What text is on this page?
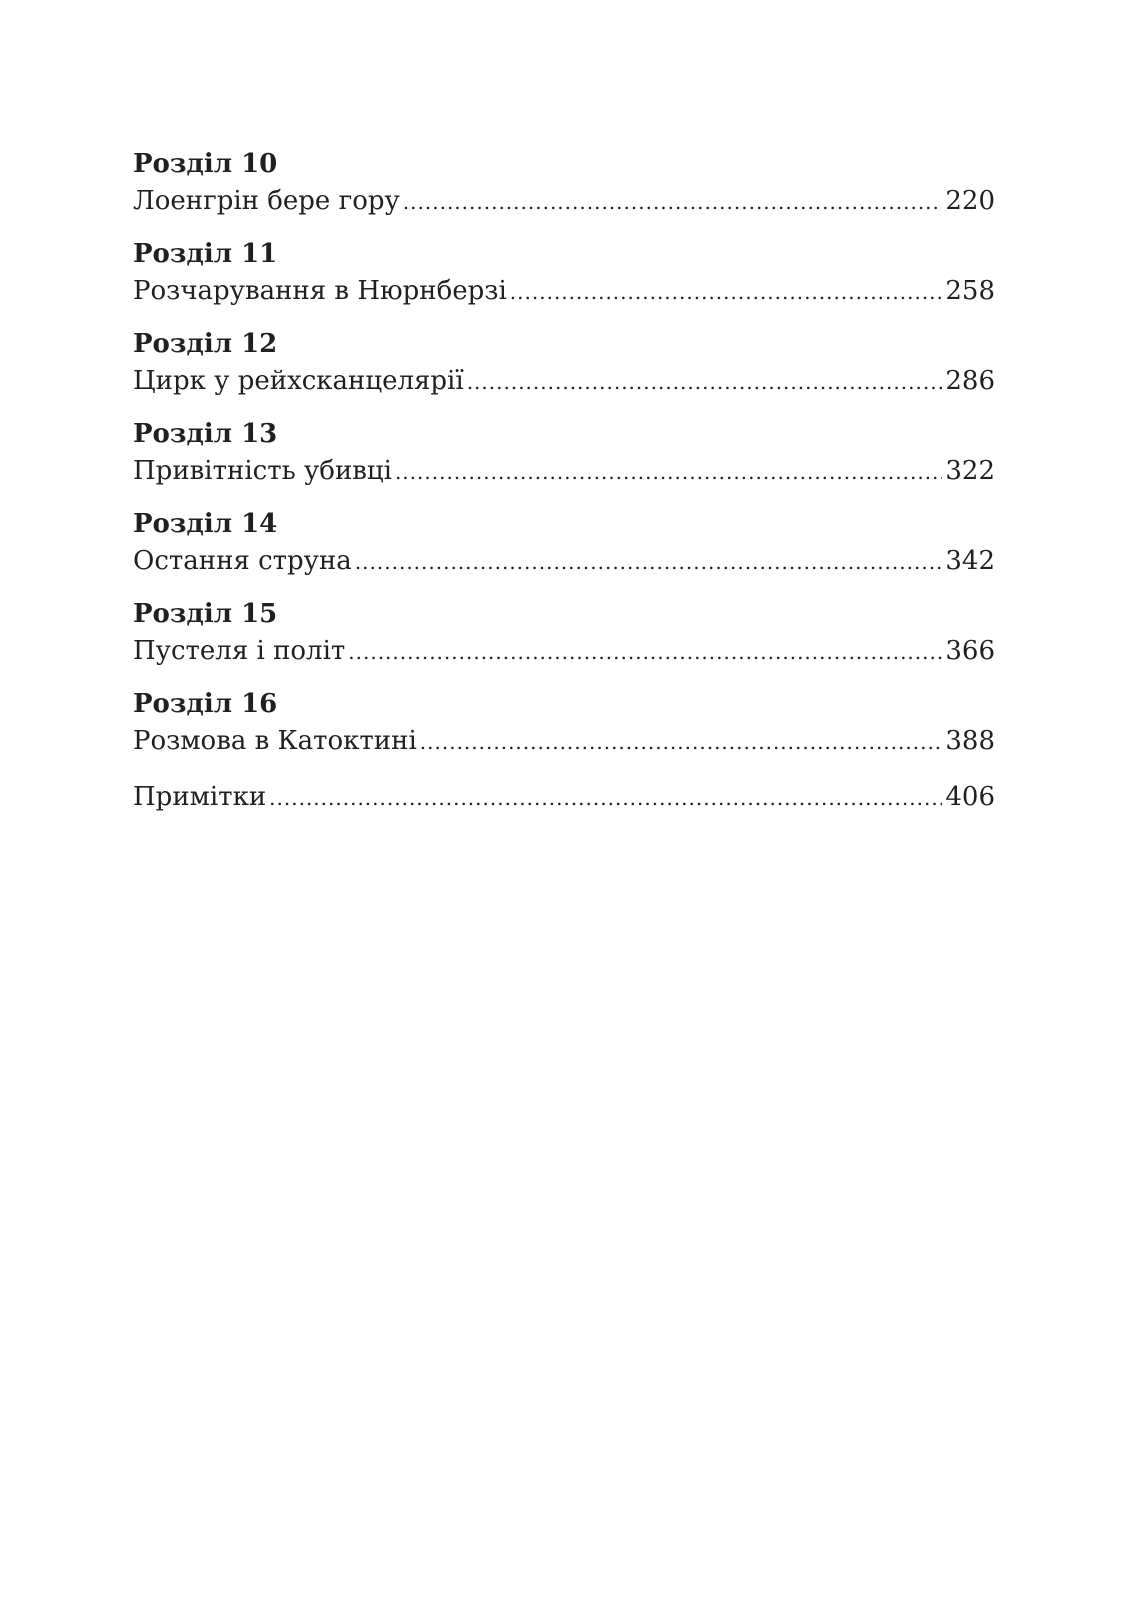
Розділ 10
Лоенгрін бере гору .....	220
Розділ 11
Розчарування в Нюрнберзі .....	258
Розділ 12
Цирк у рейхсканцелярії .....	286
Розділ 13
Привітність убивці .....	322
Розділ 14
Остання струна .....	342
Розділ 15
Пустеля і політ .....	366
Розділ 16
Розмова в Катоктині .....	388
Примітки .....	406
